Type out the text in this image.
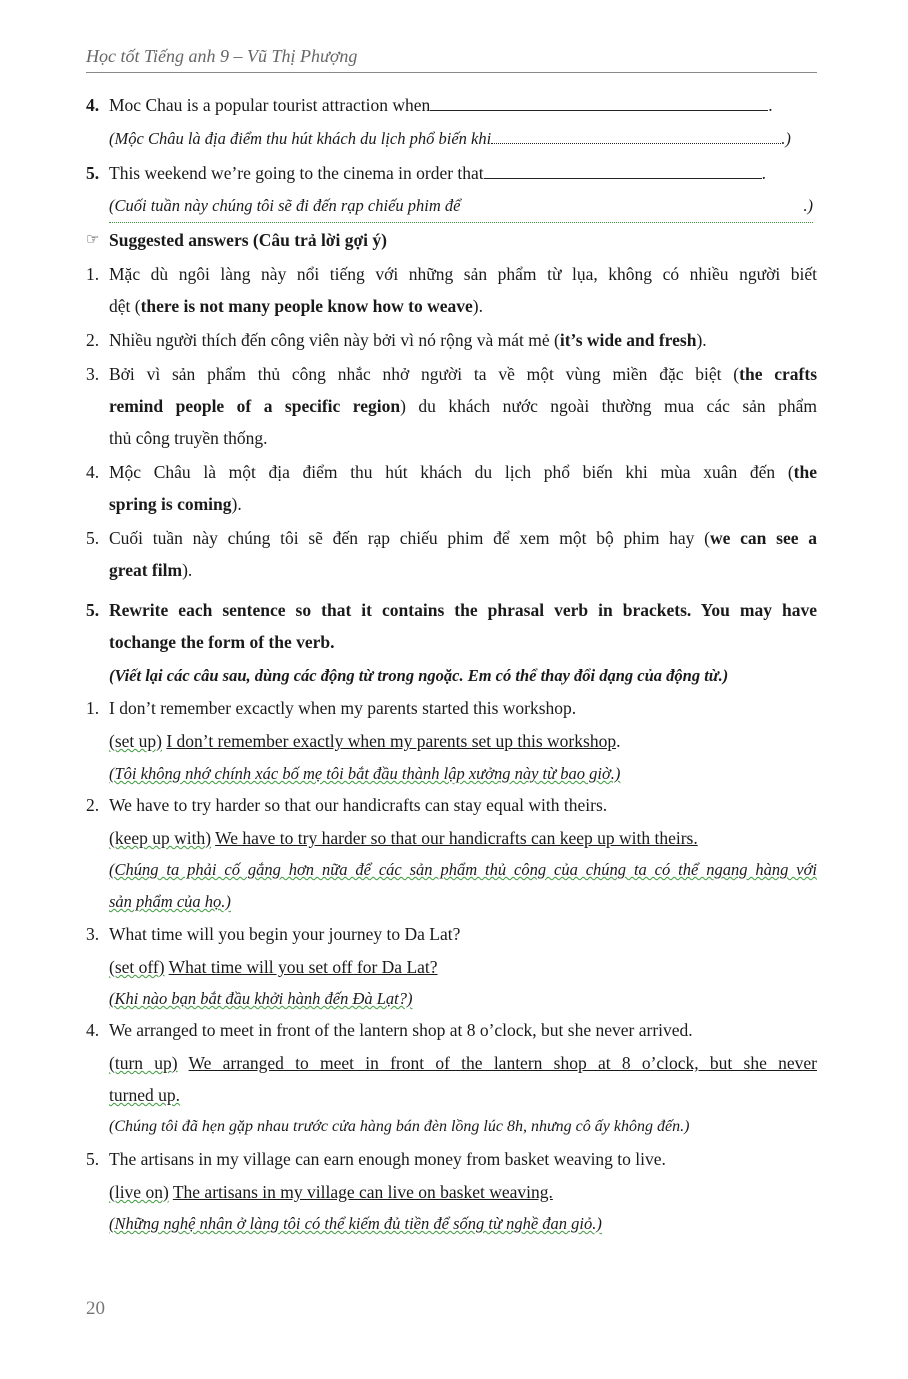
Học tốt Tiếng anh 9 – Vũ Thị Phượng
4. Moc Chau is a popular tourist attraction when	.
(Mộc Châu là địa điểm thu hút khách du lịch phổ biến khi	.)
5. This weekend we’re going to the cinema in order that	.
(Cuối tuần này chúng tôi sẽ đi đến rạp chiếu phim để	.)
☞ Suggested answers (Câu trả lời gợi ý)
1. Mặc dù ngôi làng này nổi tiếng với những sản phẩm từ lụa, không có nhiều người biết
dệt (there is not many people know how to weave).
2. Nhiều người thích đến công viên này bởi vì nó rộng và mát mẻ (it’s wide and fresh).
3. Bởi vì sản phẩm thủ công nhắc nhở người ta về một vùng miền đặc biệt (the crafts
remind people of a specific region) du khách nước ngoài thường mua các sản phẩm
thủ công truyền thống.
4. Mộc Châu là một địa điểm thu hút khách du lịch phổ biến khi mùa xuân đến (the
spring is coming).
5. Cuối tuần này chúng tôi sẽ đến rạp chiếu phim để xem một bộ phim hay (we can see a
great film).
5. Rewrite each sentence so that it contains the phrasal verb in brackets. You may have
tochange the form of the verb.
(Viết lại các câu sau, dùng các động từ trong ngoặc. Em có thể thay đổi dạng của động từ.)
1. I don’t remember excactly when my parents started this workshop.
(set up) I don’t remember exactly when my parents set up this workshop.
(Tôi không nhớ chính xác bố mẹ tôi bắt đầu thành lập xưởng này từ bao giờ.)
2. We have to try harder so that our handicrafts can stay equal with theirs.
(keep up with) We have to try harder so that our handicrafts can keep up with theirs.
(Chúng ta phải cố gắng hơn nữa để các sản phẩm thủ công của chúng ta có thể ngang hàng với
sản phẩm của họ.)
3. What time will you begin your journey to Da Lat?
(set off) What time will you set off for Da Lat?
(Khi nào bạn bắt đầu khởi hành đến Đà Lạt?)
4. We arranged to meet in front of the lantern shop at 8 o’clock, but she never arrived.
(turn up) We arranged to meet in front of the lantern shop at 8 o’clock, but she never
turned up.
(Chúng tôi đã hẹn gặp nhau trước cửa hàng bán đèn lồng lúc 8h, nhưng cô ấy không đến.)
5. The artisans in my village can earn enough money from basket weaving to live.
(live on) The artisans in my village can live on basket weaving.
(Những nghệ nhân ở làng tôi có thể kiếm đủ tiền để sống từ nghề đan giỏ.)
20
